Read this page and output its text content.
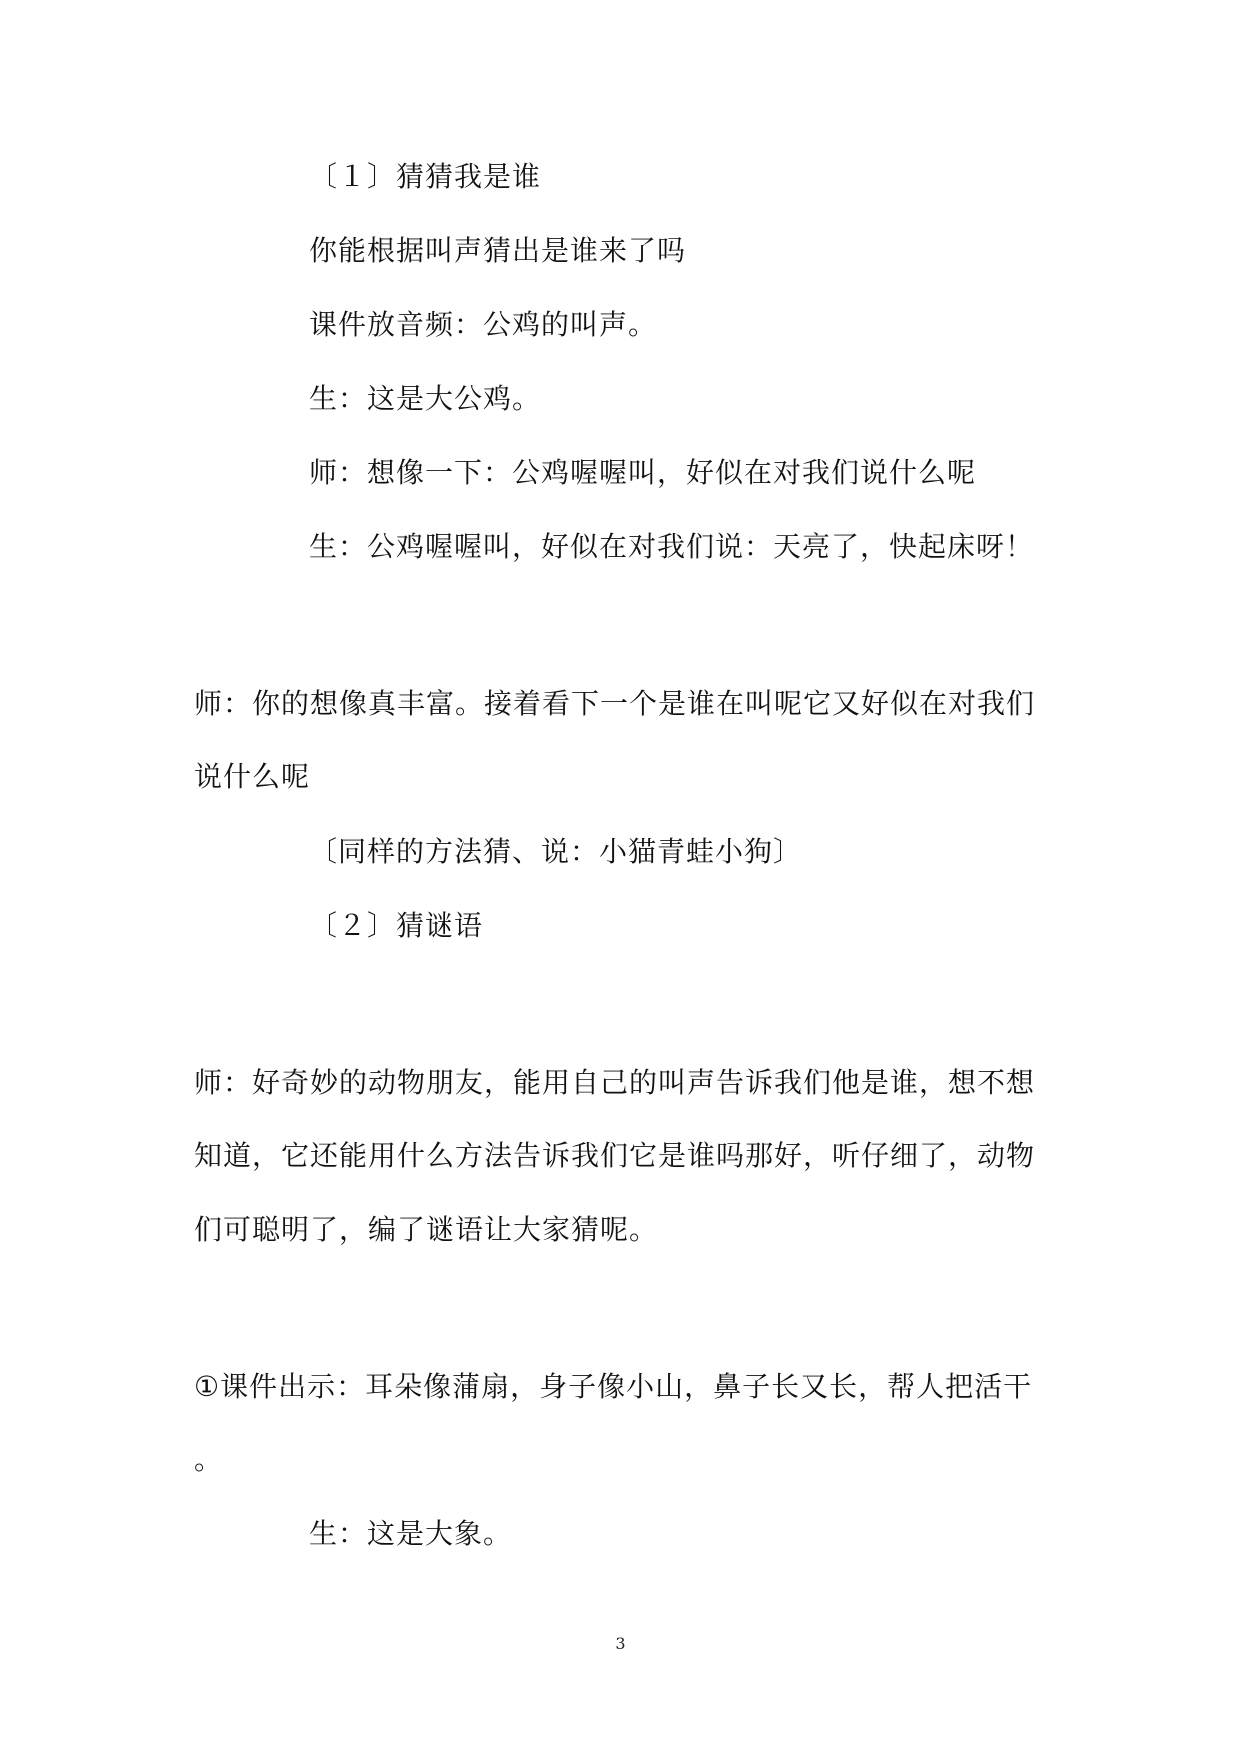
〔１〕猜猜我是谁
你能根据叫声猜出是谁来了吗
课件放音频：公鸡的叫声。
生：这是大公鸡。
师：想像一下：公鸡喔喔叫，好似在对我们说什么呢
生：公鸡喔喔叫，好似在对我们说：天亮了，快起床呀！
师：你的想像真丰富。接着看下一个是谁在叫呢它又好似在对我们
说什么呢
〔同样的方法猜、说：小猫青蛙小狗〕
〔２〕猜谜语
师：好奇妙的动物朋友，能用自己的叫声告诉我们他是谁，想不想
知道，它还能用什么方法告诉我们它是谁吗那好，听仔细了，动物
们可聪明了，编了谜语让大家猜呢。
①课件出示：耳朵像蒲扇，身子像小山，鼻子长又长，帮人把活干
。
生：这是大象。
3
